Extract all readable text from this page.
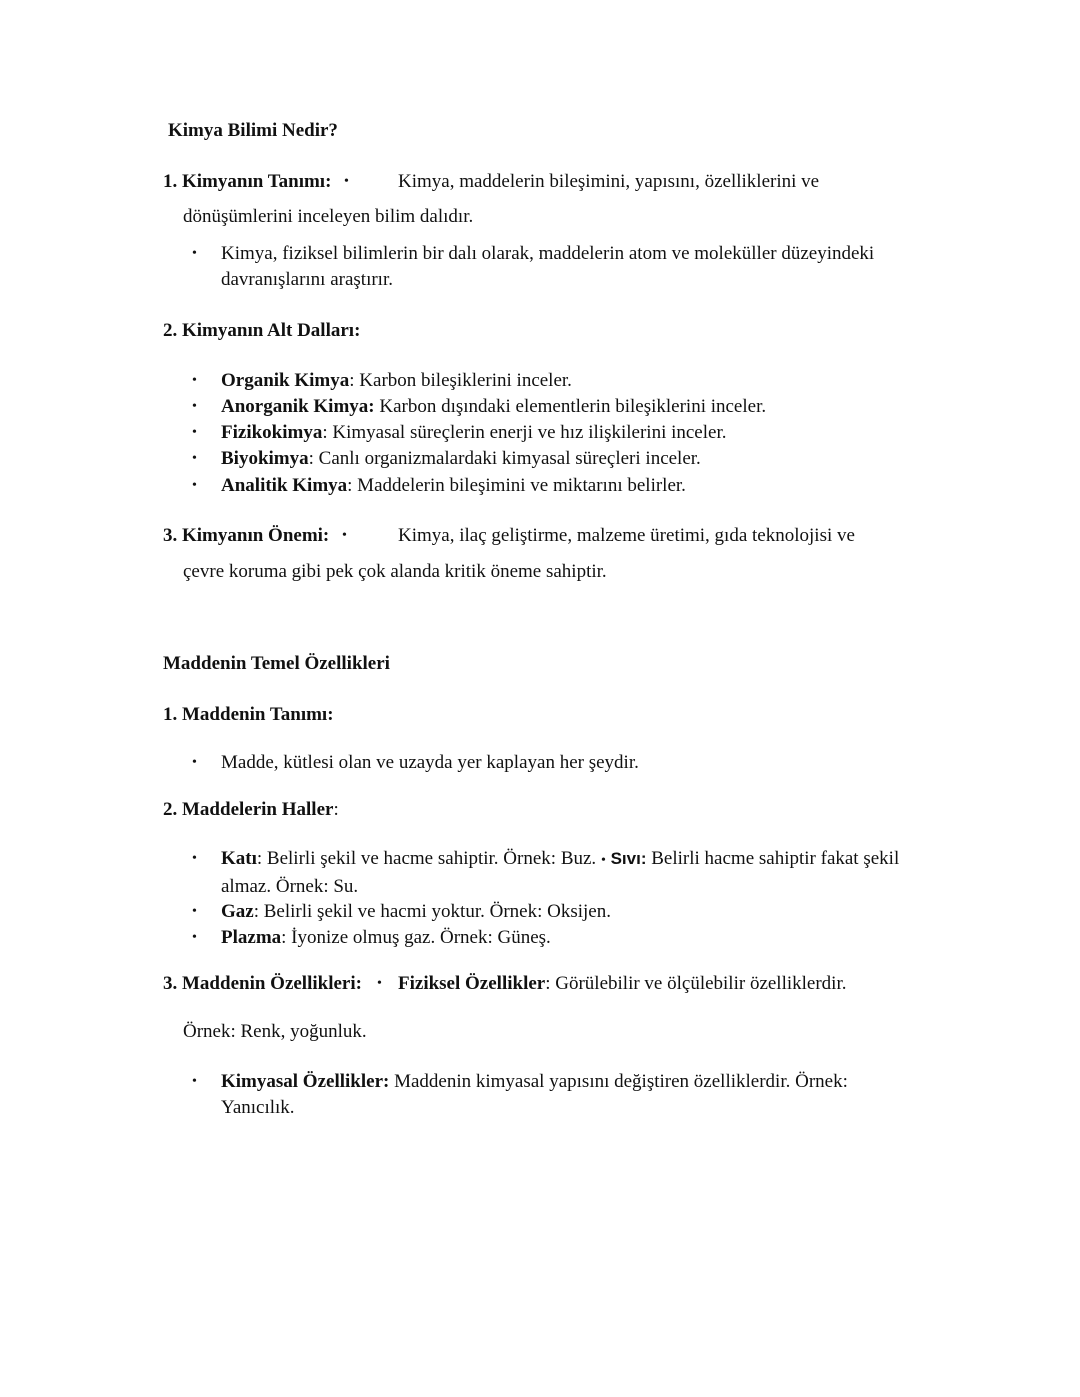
Kimya Bilimi Nedir?
1. Kimyanın Tanımı: •	Kimya, maddelerin bileşimini, yapısını, özelliklerini ve
dönüşümlerini inceleyen bilim dalıdır.
• Kimya, fiziksel bilimlerin bir dalı olarak, maddelerin atom ve moleküller düzeyindeki davranışlarını araştırır.
2. Kimyanın Alt Dalları:
• Organik Kimya: Karbon bileşiklerini inceler.
• Anorganik Kimya: Karbon dışındaki elementlerin bileşiklerini inceler.
• Fizikokimya: Kimyasal süreçlerin enerji ve hız ilişkilerini inceler.
• Biyokimya: Canlı organizmalardaki kimyasal süreçleri inceler.
• Analitik Kimya: Maddelerin bileşimini ve miktarını belirler.
3. Kimyanın Önemi: •	Kimya, ilaç geliştirme, malzeme üretimi, gıda teknolojisi ve
çevre koruma gibi pek çok alanda kritik öneme sahiptir.
Maddenin Temel Özellikleri
1. Maddenin Tanımı:
• Madde, kütlesi olan ve uzayda yer kaplayan her şeydir.
2. Maddelerin Haller:
• Katı: Belirli şekil ve hacme sahiptir. Örnek: Buz. • Sıvı: Belirli hacme sahiptir fakat şekil almaz. Örnek: Su.
• Gaz: Belirli şekil ve hacmi yoktur. Örnek: Oksijen.
• Plazma: İyonize olmuş gaz. Örnek: Güneş.
3. Maddenin Özellikleri: • Fiziksel Özellikler: Görülebilir ve ölçülebilir özelliklerdir.
Örnek: Renk, yoğunluk.
• Kimyasal Özellikler: Maddenin kimyasal yapısını değiştiren özelliklerdir. Örnek: Yanıcılık.
